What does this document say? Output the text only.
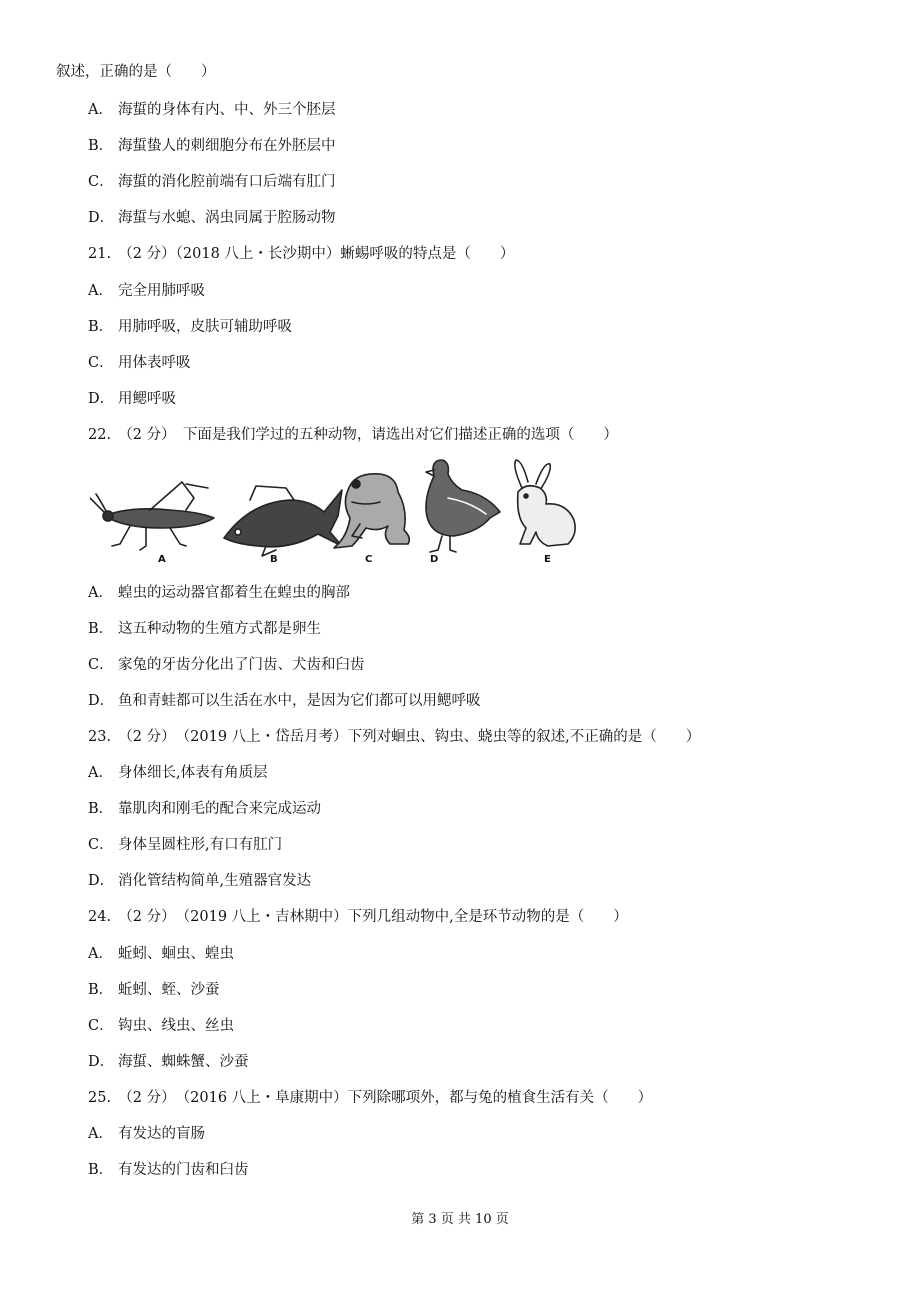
叙述，正确的是（　　）
A． 海蜇的身体有内、中、外三个胚层
B． 海蜇蛰人的刺细胞分布在外胚层中
C． 海蜇的消化腔前端有口后端有肛门
D． 海蜇与水螅、涡虫同属于腔肠动物
21.　（2 分）（2018 八上・长沙期中）蜥蜴呼吸的特点是（　　）
A． 完全用肺呼吸
B． 用肺呼吸，皮肤可辅助呼吸
C． 用体表呼吸
D． 用鳃呼吸
22.　（2 分）　下面是我们学过的五种动物，请选出对它们描述正确的选项（　　）
A	B	C	D	E
A． 蝗虫的运动器官都着生在蝗虫的胸部
B． 这五种动物的生殖方式都是卵生
C． 家兔的牙齿分化出了门齿、犬齿和臼齿
D． 鱼和青蛙都可以生活在水中，是因为它们都可以用鳃呼吸
23.　（2 分）　（2019 八上・岱岳月考）下列对蛔虫、钩虫、蛲虫等的叙述,不正确的是（　　）
A． 身体细长,体表有角质层
B． 靠肌肉和刚毛的配合来完成运动
C． 身体呈圆柱形,有口有肛门
D． 消化管结构简单,生殖器官发达
24.　（2 分）　（2019 八上・吉林期中）下列几组动物中,全是环节动物的是（　　）
A． 蚯蚓、蛔虫、蝗虫
B． 蚯蚓、蛭、沙蚕
C． 钩虫、线虫、丝虫
D． 海蜇、蜘蛛蟹、沙蚕
25.　（2 分）　（2016 八上・阜康期中）下列除哪项外，都与兔的植食生活有关（　　）
A． 有发达的盲肠
B． 有发达的门齿和臼齿
第 3 页 共 10 页
